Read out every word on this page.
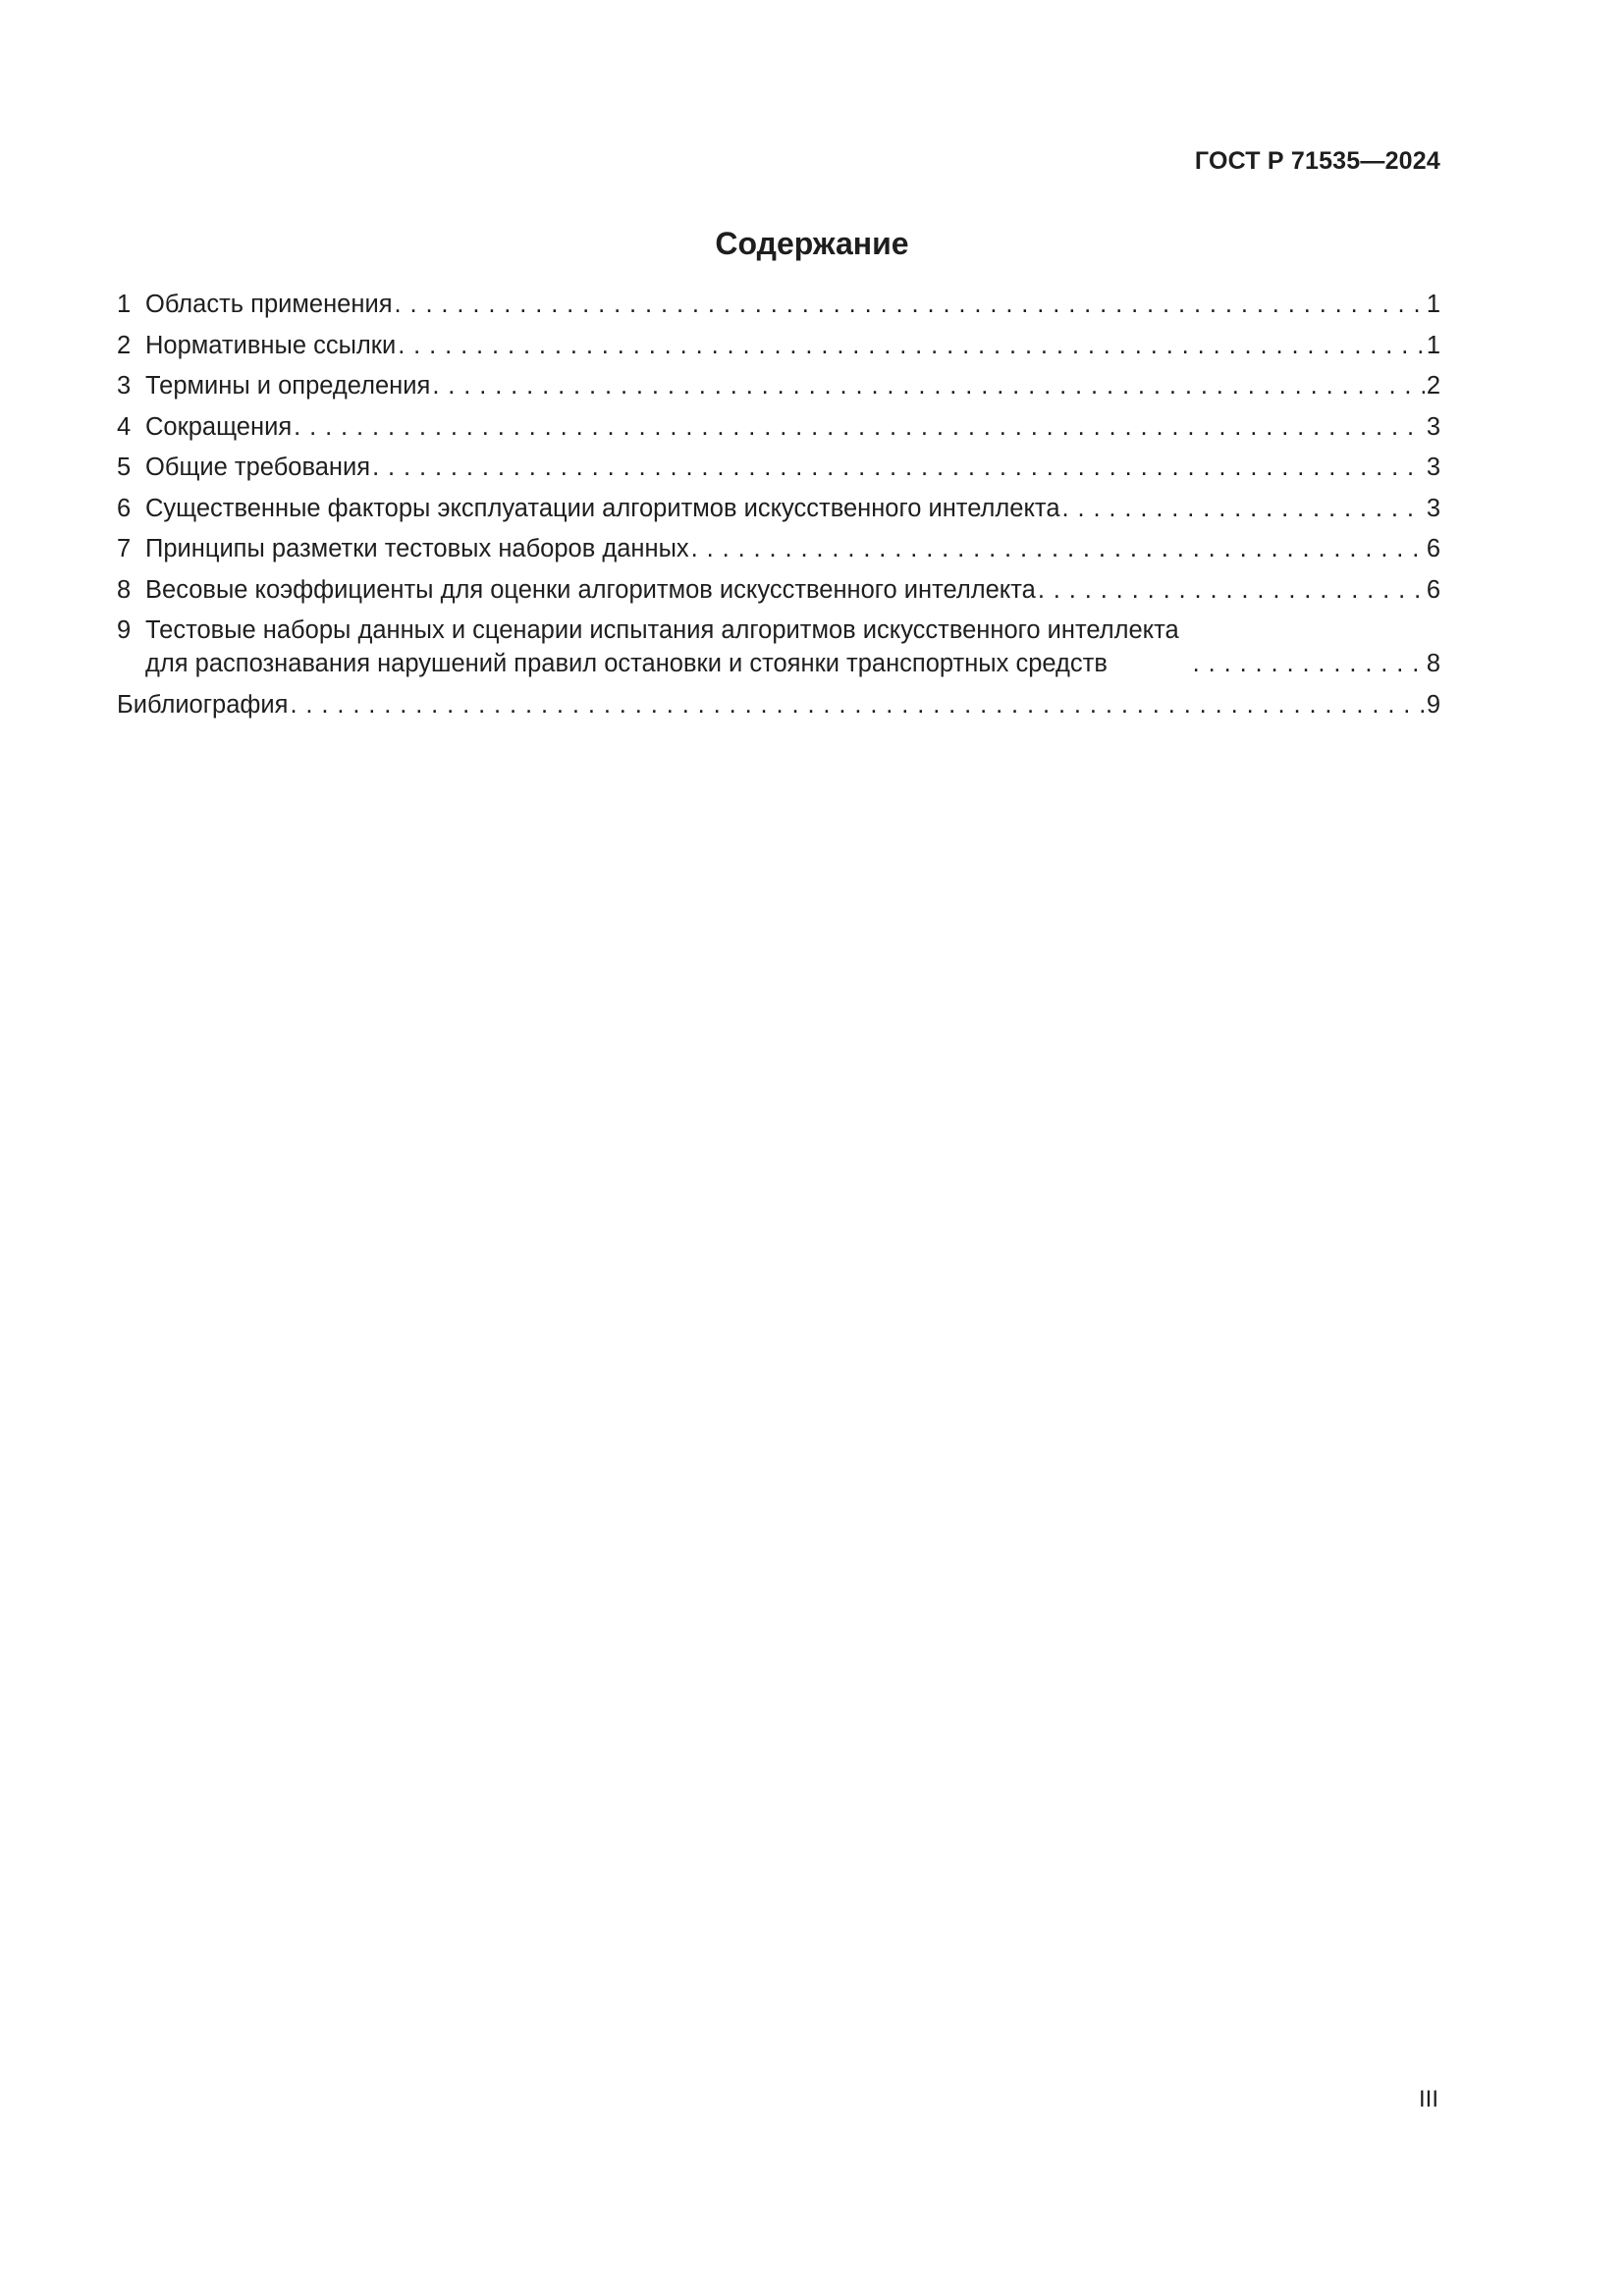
ГОСТ Р 71535—2024
Содержание
1 Область применения . . .	1
2 Нормативные ссылки . . .	1
3 Термины и определения . . .	2
4 Сокращения . . .	3
5 Общие требования . . .	3
6 Существенные факторы эксплуатации алгоритмов искусственного интеллекта . . .	3
7 Принципы разметки тестовых наборов данных . . .	6
8 Весовые коэффициенты для оценки алгоритмов искусственного интеллекта . . .	6
9 Тестовые наборы данных и сценарии испытания алгоритмов искусственного интеллекта
для распознавания нарушений правил остановки и стоянки транспортных средств . . .	8
Библиография . . .	9
III
